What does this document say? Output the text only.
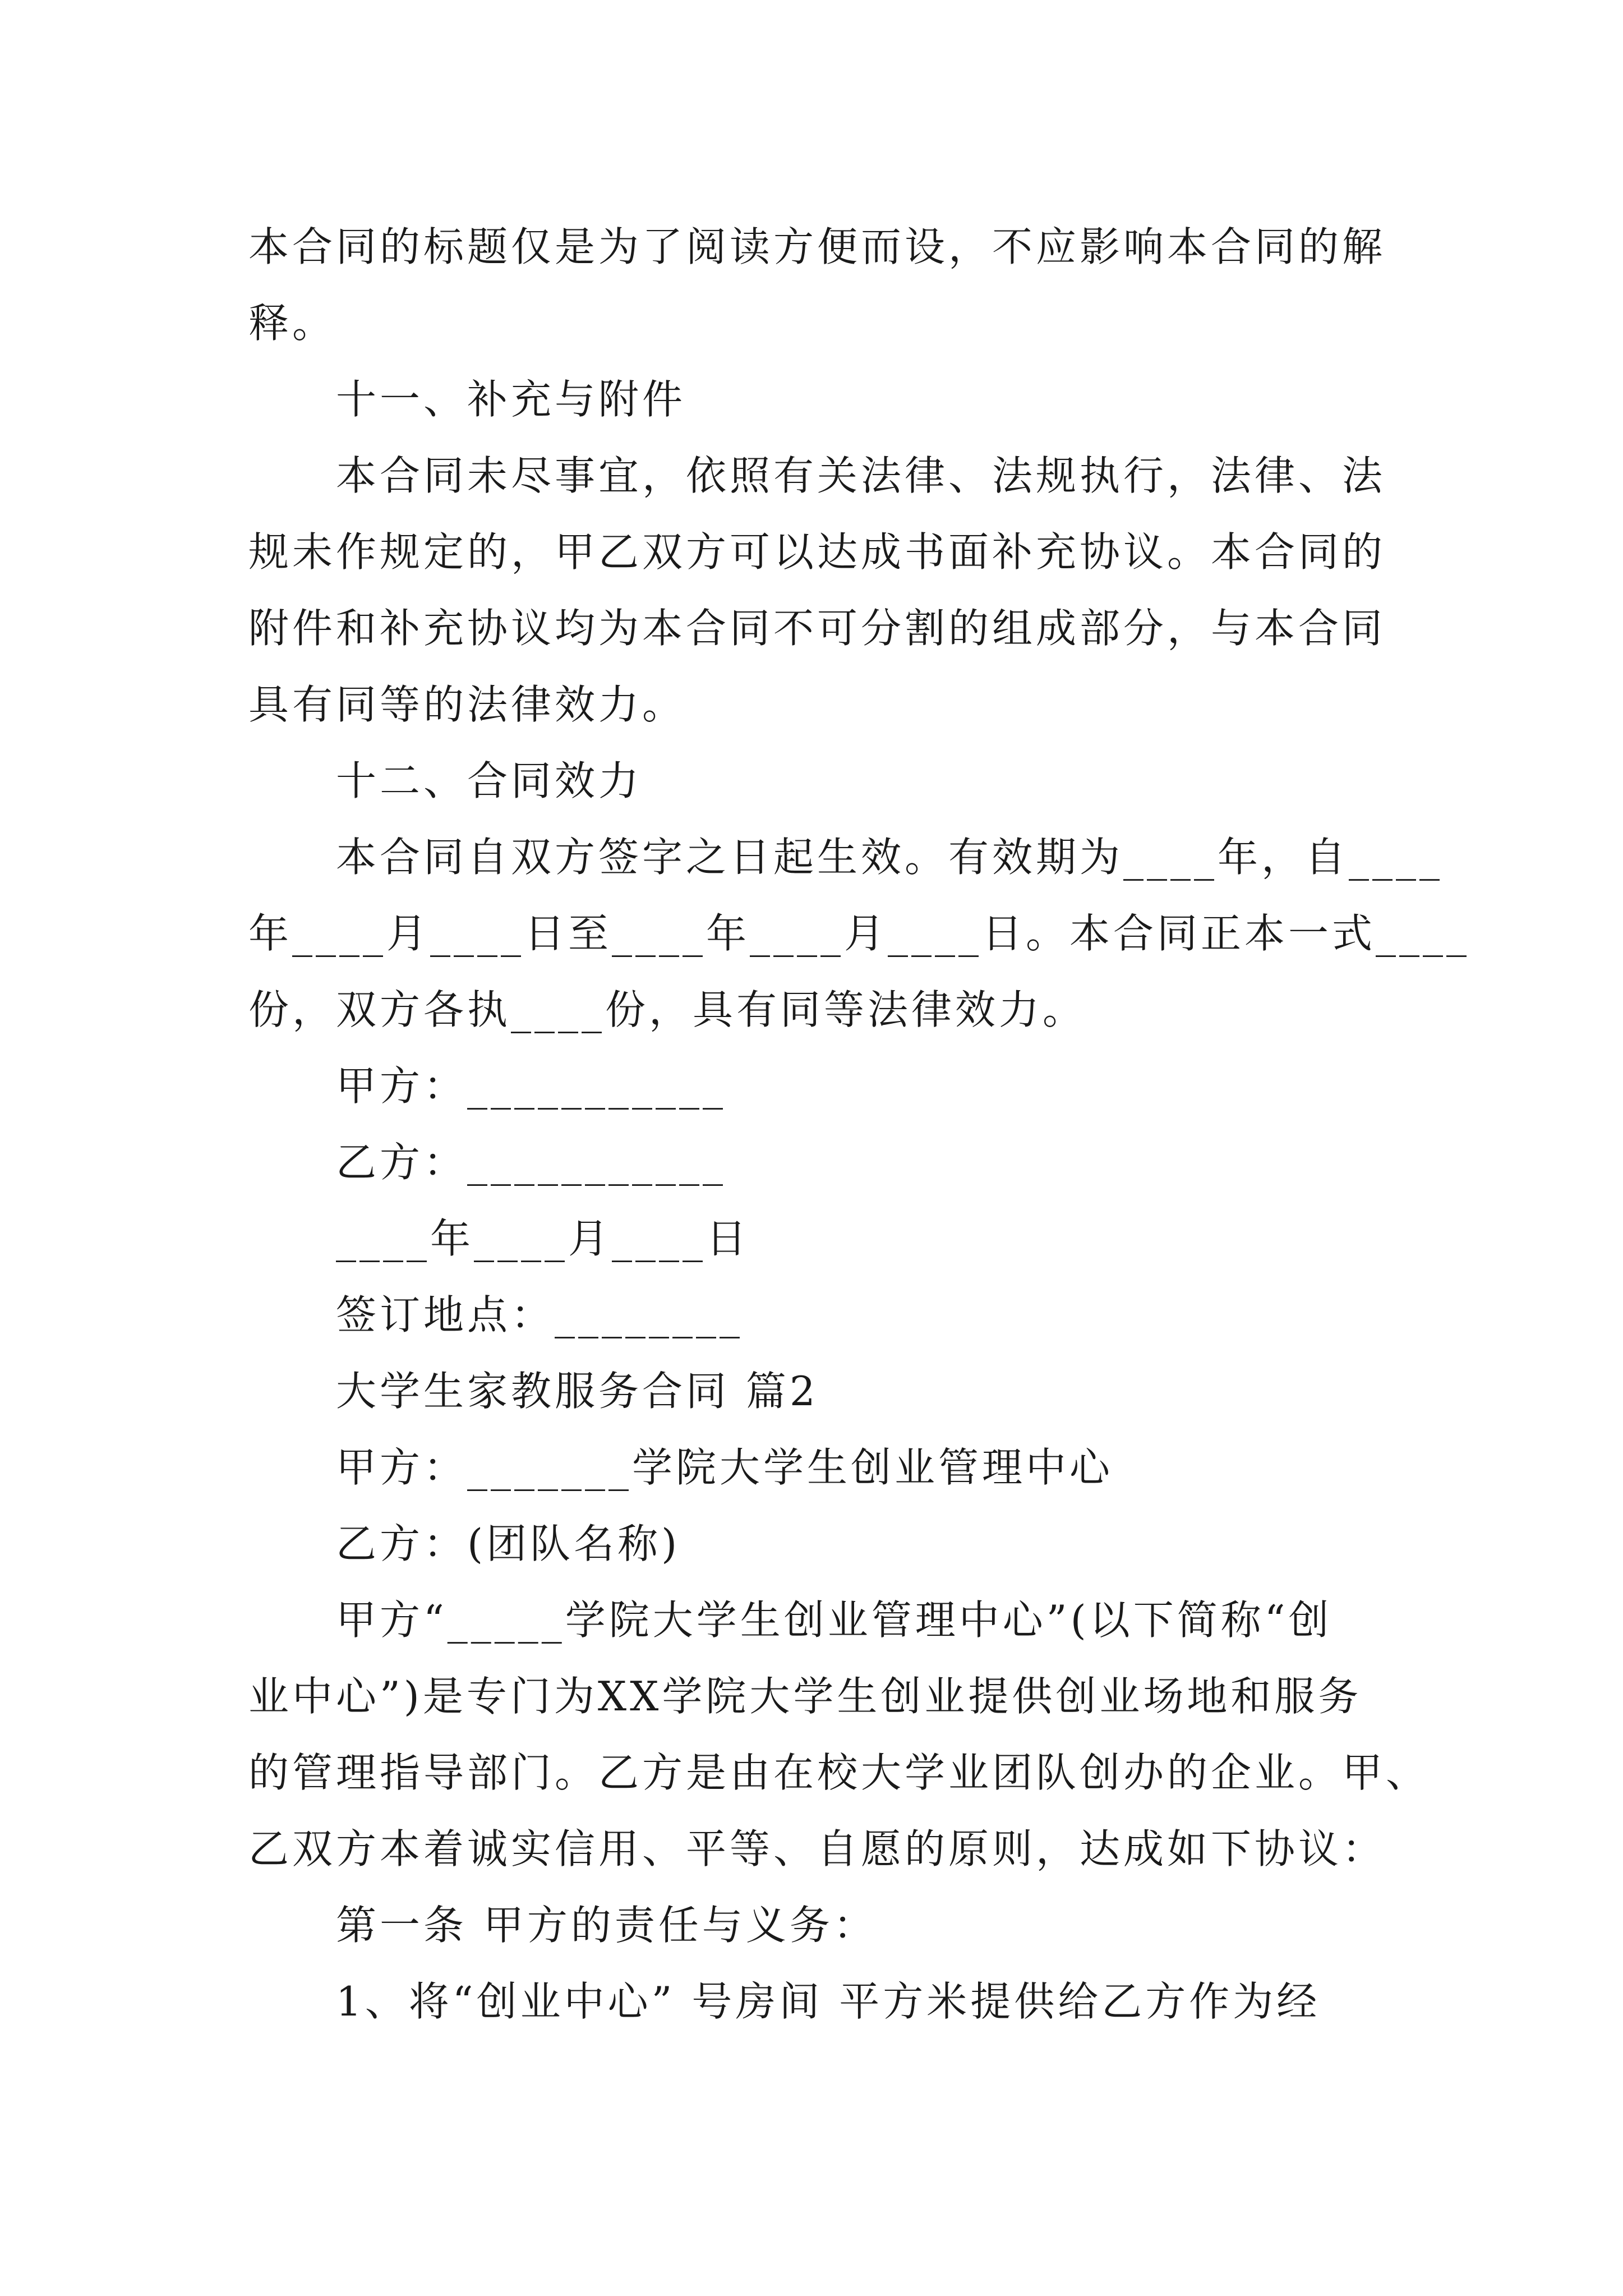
本合同的标题仅是为了阅读方便而设，不应影响本合同的解
释。
十一、补充与附件
　　本合同未尽事宜，依照有关法律、法规执行，法律、法
规未作规定的，甲乙双方可以达成书面补充协议。本合同的
附件和补充协议均为本合同不可分割的组成部分，与本合同
具有同等的法律效力。
十二、合同效力
　　本合同自双方签字之日起生效。有效期为____年，自____
年____月____日至____年____月____日。本合同正本一式____
份，双方各执____份，具有同等法律效力。
甲方：___________
乙方：___________
____年____月____日
签订地点：________
大学生家教服务合同 篇2
甲方：_______学院大学生创业管理中心
乙方：(团队名称)
　　甲方“_____学院大学生创业管理中心”(以下简称“创
业中心”)是专门为XX学院大学生创业提供创业场地和服务
的管理指导部门。乙方是由在校大学业团队创办的企业。甲、
乙双方本着诚实信用、平等、自愿的原则，达成如下协议：
第一条 甲方的责任与义务：
　　1、将“创业中心” 号房间 平方米提供给乙方作为经
